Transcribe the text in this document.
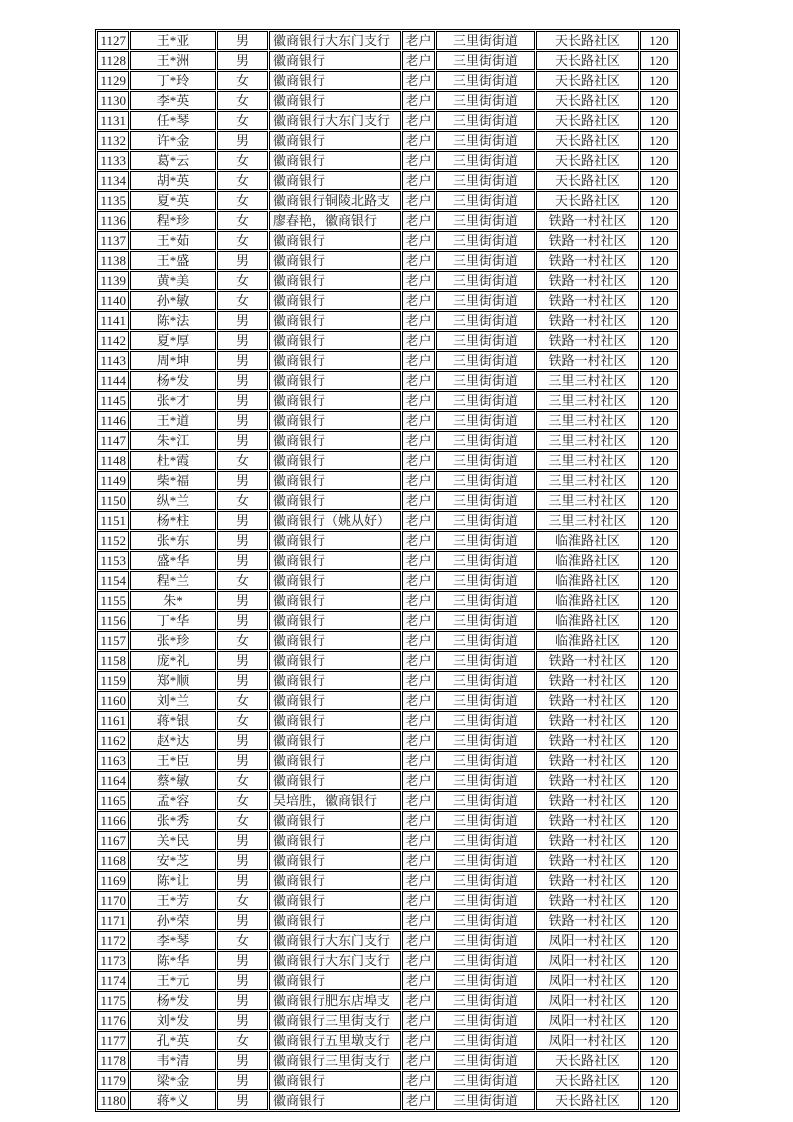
1127	王*亚	男	徽商银行大东门支行	老户	三里街街道	天长路社区	120
1128	王*洲	男	徽商银行	老户	三里街街道	天长路社区	120
1129	丁*玲	女	徽商银行	老户	三里街街道	天长路社区	120
1130	李*英	女	徽商银行	老户	三里街街道	天长路社区	120
1131	任*琴	女	徽商银行大东门支行	老户	三里街街道	天长路社区	120
1132	许*金	男	徽商银行	老户	三里街街道	天长路社区	120
1133	葛*云	女	徽商银行	老户	三里街街道	天长路社区	120
1134	胡*英	女	徽商银行	老户	三里街街道	天长路社区	120
1135	夏*英	女	徽商银行铜陵北路支	老户	三里街街道	天长路社区	120
1136	程*珍	女	廖春艳，徽商银行	老户	三里街街道	铁路一村社区	120
1137	王*茹	女	徽商银行	老户	三里街街道	铁路一村社区	120
1138	王*盛	男	徽商银行	老户	三里街街道	铁路一村社区	120
1139	黄*美	女	徽商银行	老户	三里街街道	铁路一村社区	120
1140	孙*敏	女	徽商银行	老户	三里街街道	铁路一村社区	120
1141	陈*法	男	徽商银行	老户	三里街街道	铁路一村社区	120
1142	夏*厚	男	徽商银行	老户	三里街街道	铁路一村社区	120
1143	周*坤	男	徽商银行	老户	三里街街道	铁路一村社区	120
1144	杨*发	男	徽商银行	老户	三里街街道	三里三村社区	120
1145	张*才	男	徽商银行	老户	三里街街道	三里三村社区	120
1146	王*道	男	徽商银行	老户	三里街街道	三里三村社区	120
1147	朱*江	男	徽商银行	老户	三里街街道	三里三村社区	120
1148	杜*霞	女	徽商银行	老户	三里街街道	三里三村社区	120
1149	柴*福	男	徽商银行	老户	三里街街道	三里三村社区	120
1150	纵*兰	女	徽商银行	老户	三里街街道	三里三村社区	120
1151	杨*柱	男	徽商银行（姚从好）	老户	三里街街道	三里三村社区	120
1152	张*东	男	徽商银行	老户	三里街街道	临淮路社区	120
1153	盛*华	男	徽商银行	老户	三里街街道	临淮路社区	120
1154	程*兰	女	徽商银行	老户	三里街街道	临淮路社区	120
1155	朱*	男	徽商银行	老户	三里街街道	临淮路社区	120
1156	丁*华	男	徽商银行	老户	三里街街道	临淮路社区	120
1157	张*珍	女	徽商银行	老户	三里街街道	临淮路社区	120
1158	庞*礼	男	徽商银行	老户	三里街街道	铁路一村社区	120
1159	郑*顺	男	徽商银行	老户	三里街街道	铁路一村社区	120
1160	刘*兰	女	徽商银行	老户	三里街街道	铁路一村社区	120
1161	蒋*银	女	徽商银行	老户	三里街街道	铁路一村社区	120
1162	赵*达	男	徽商银行	老户	三里街街道	铁路一村社区	120
1163	王*臣	男	徽商银行	老户	三里街街道	铁路一村社区	120
1164	蔡*敏	女	徽商银行	老户	三里街街道	铁路一村社区	120
1165	孟*容	女	吴培胜，徽商银行	老户	三里街街道	铁路一村社区	120
1166	张*秀	女	徽商银行	老户	三里街街道	铁路一村社区	120
1167	关*民	男	徽商银行	老户	三里街街道	铁路一村社区	120
1168	安*芝	男	徽商银行	老户	三里街街道	铁路一村社区	120
1169	陈*让	男	徽商银行	老户	三里街街道	铁路一村社区	120
1170	王*芳	女	徽商银行	老户	三里街街道	铁路一村社区	120
1171	孙*荣	男	徽商银行	老户	三里街街道	铁路一村社区	120
1172	李*琴	女	徽商银行大东门支行	老户	三里街街道	凤阳一村社区	120
1173	陈*华	男	徽商银行大东门支行	老户	三里街街道	凤阳一村社区	120
1174	王*元	男	徽商银行	老户	三里街街道	凤阳一村社区	120
1175	杨*发	男	徽商银行肥东店埠支	老户	三里街街道	凤阳一村社区	120
1176	刘*发	男	徽商银行三里街支行	老户	三里街街道	凤阳一村社区	120
1177	孔*英	女	徽商银行五里墩支行	老户	三里街街道	凤阳一村社区	120
1178	韦*清	男	徽商银行三里街支行	老户	三里街街道	天长路社区	120
1179	梁*金	男	徽商银行	老户	三里街街道	天长路社区	120
1180	蒋*义	男	徽商银行	老户	三里街街道	天长路社区	120
